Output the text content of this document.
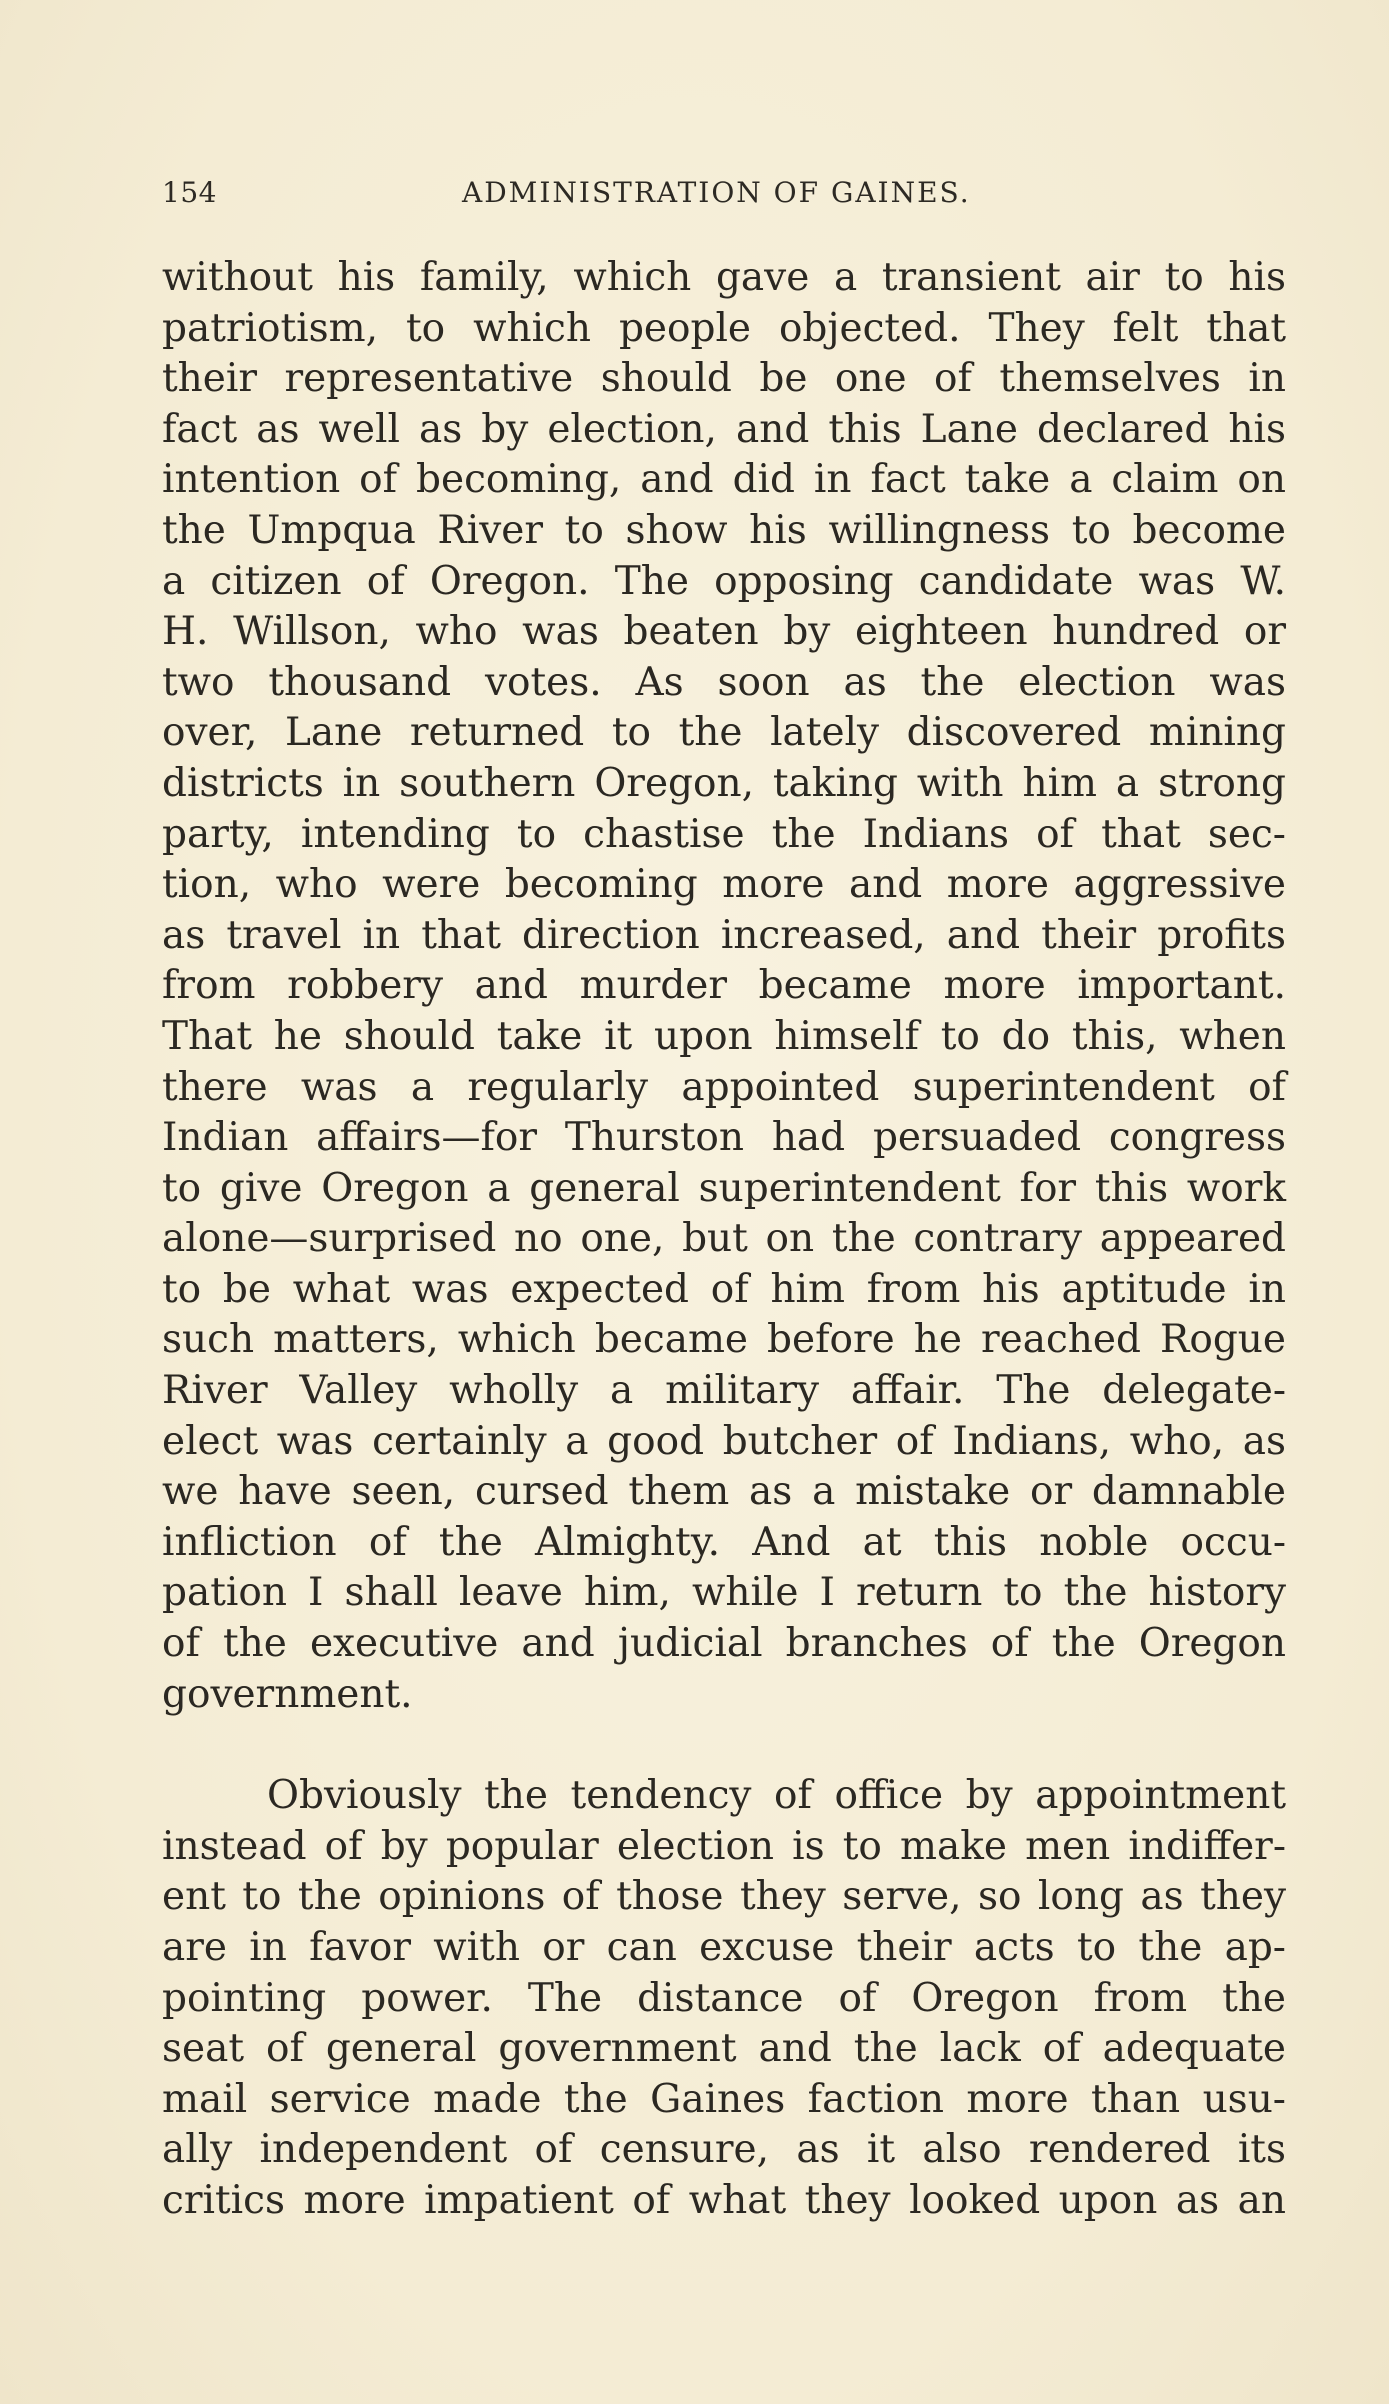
154	ADMINISTRATION OF GAINES.
without his family, which gave a transient air to his
patriotism, to which people objected. They felt that
their representative should be one of themselves in
fact as well as by election, and this Lane declared his
intention of becoming, and did in fact take a claim on
the Umpqua River to show his willingness to become
a citizen of Oregon. The opposing candidate was W.
H. Willson, who was beaten by eighteen hundred or
two thousand votes. As soon as the election was
over, Lane returned to the lately discovered mining
districts in southern Oregon, taking with him a strong
party, intending to chastise the Indians of that sec-
tion, who were becoming more and more aggressive
as travel in that direction increased, and their profits
from robbery and murder became more important.
That he should take it upon himself to do this, when
there was a regularly appointed superintendent of
Indian affairs—for Thurston had persuaded congress
to give Oregon a general superintendent for this work
alone—surprised no one, but on the contrary appeared
to be what was expected of him from his aptitude in
such matters, which became before he reached Rogue
River Valley wholly a military affair. The delegate-
elect was certainly a good butcher of Indians, who, as
we have seen, cursed them as a mistake or damnable
infliction of the Almighty. And at this noble occu-
pation I shall leave him, while I return to the history
of the executive and judicial branches of the Oregon
government.
Obviously the tendency of office by appointment
instead of by popular election is to make men indiffer-
ent to the opinions of those they serve, so long as they
are in favor with or can excuse their acts to the ap-
pointing power. The distance of Oregon from the
seat of general government and the lack of adequate
mail service made the Gaines faction more than usu-
ally independent of censure, as it also rendered its
critics more impatient of what they looked upon as an
